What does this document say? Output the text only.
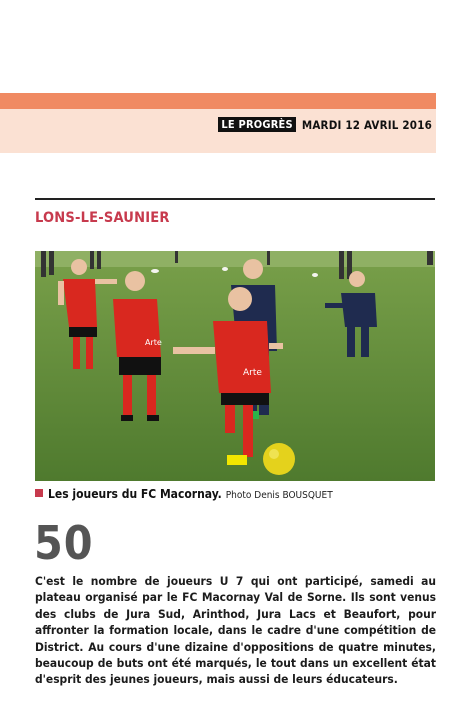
LE PROGRÈS MARDI 12 AVRIL 2016
LONS-LE-SAUNIER
Arte
Arte
Les joueurs du FC Macornay. Photo Denis BOUSQUET
50

C'est le nombre de joueurs U 7 qui ont participé, samedi au plateau organisé par le FC Macornay Val de Sorne. Ils sont venus des clubs de Jura Sud, Arinthod, Jura Lacs et Beaufort, pour affronter la formation locale, dans le cadre d'une compétition de District. Au cours d'une dizaine d'oppositions de quatre minutes, beaucoup de buts ont été marqués, le tout dans un excellent état d'esprit des jeunes joueurs, mais aussi de leurs éducateurs.
